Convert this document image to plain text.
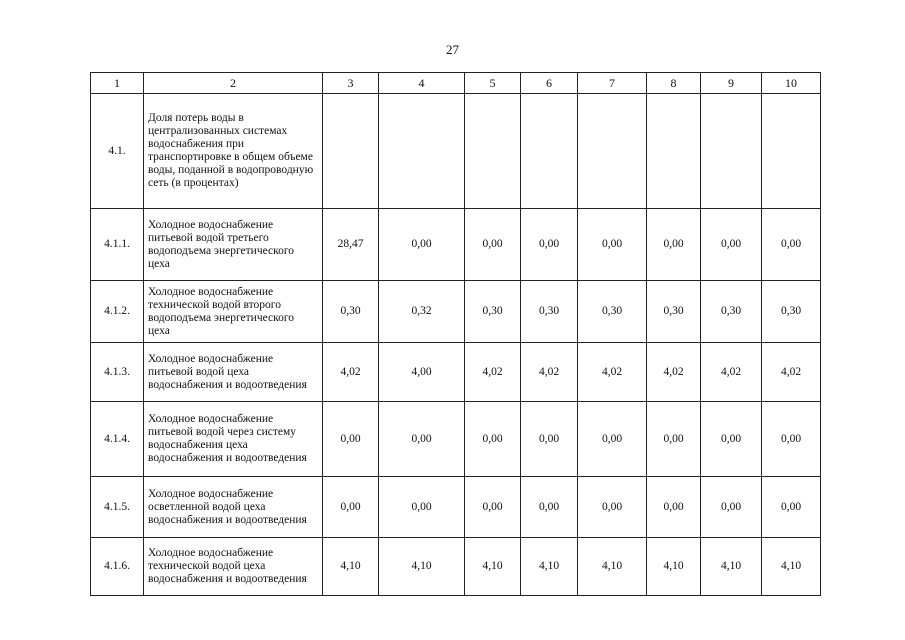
27
1	2	3	4	5	6	7	8	9	10
4.1.	Доля потерь воды в централизованных системах водоснабжения при транспортировке в общем объеме воды, поданной в водопроводную сеть (в процентах)								
4.1.1.	Холодное водоснабжение питьевой водой третьего водоподъема энергетического цеха	28,47	0,00	0,00	0,00	0,00	0,00	0,00	0,00
4.1.2.	Холодное водоснабжение технической водой второго водоподъема энергетического цеха	0,30	0,32	0,30	0,30	0,30	0,30	0,30	0,30
4.1.3.	Холодное водоснабжение питьевой водой цеха водоснабжения и водоотведения	4,02	4,00	4,02	4,02	4,02	4,02	4,02	4,02
4.1.4.	Холодное водоснабжение питьевой водой через систему водоснабжения цеха водоснабжения и водоотведения	0,00	0,00	0,00	0,00	0,00	0,00	0,00	0,00
4.1.5.	Холодное водоснабжение осветленной водой цеха водоснабжения и водоотведения	0,00	0,00	0,00	0,00	0,00	0,00	0,00	0,00
4.1.6.	Холодное водоснабжение технической водой цеха водоснабжения и водоотведения	4,10	4,10	4,10	4,10	4,10	4,10	4,10	4,10
